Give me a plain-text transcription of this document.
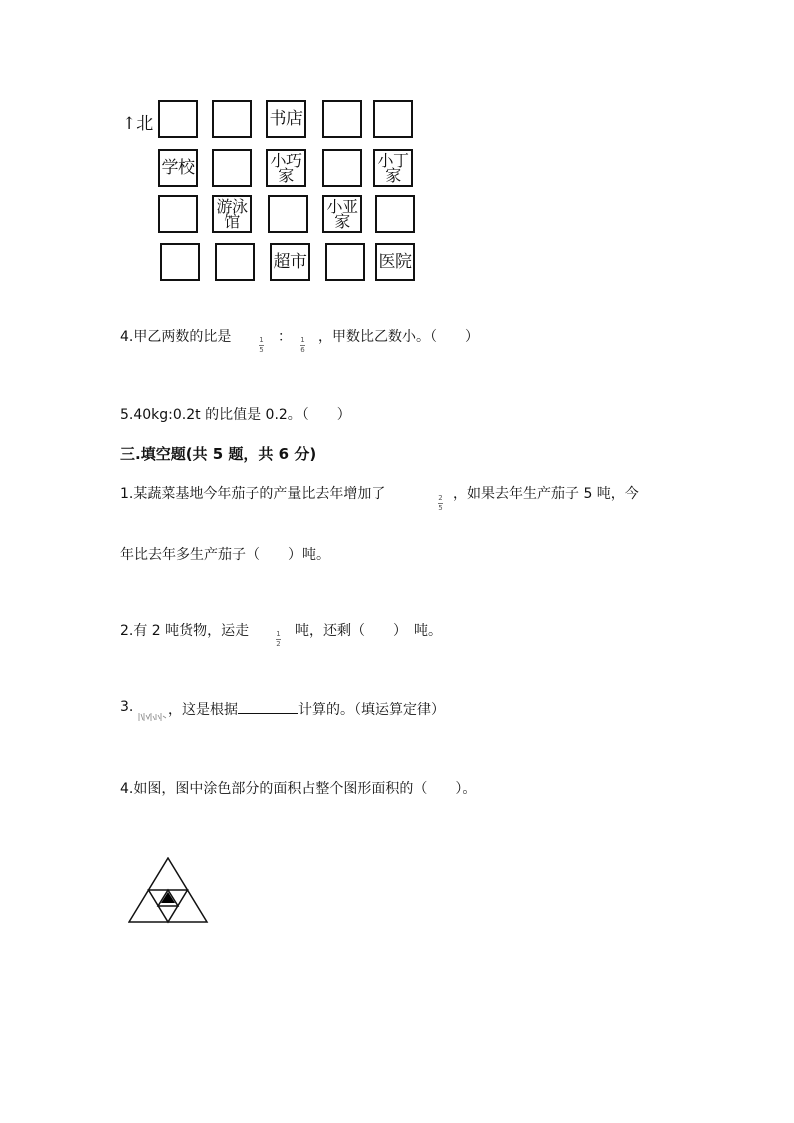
↑北	书店
学校	小巧
家
小丁
家
游泳
馆
小亚
家
超市	医院
4.甲乙两数的比是	1
5
： 1
6
，甲数比乙数小。（　　）
5.40kg:0.2t 的比值是 0.2。（　　）
三.填空题(共 5 题，共 6 分)
1.某蔬菜基地今年茄子的产量比去年增加了	2
5
，如果去年生产茄子 5 吨，今
年比去年多生产茄子（　　）吨。
2.有 2 吨货物，运走	1
2
吨，还剩（　　）　吨。
3. ，这是根据	计算的。（填运算定律）
4.如图，图中涂色部分的面积占整个图形面积的（　　）。
